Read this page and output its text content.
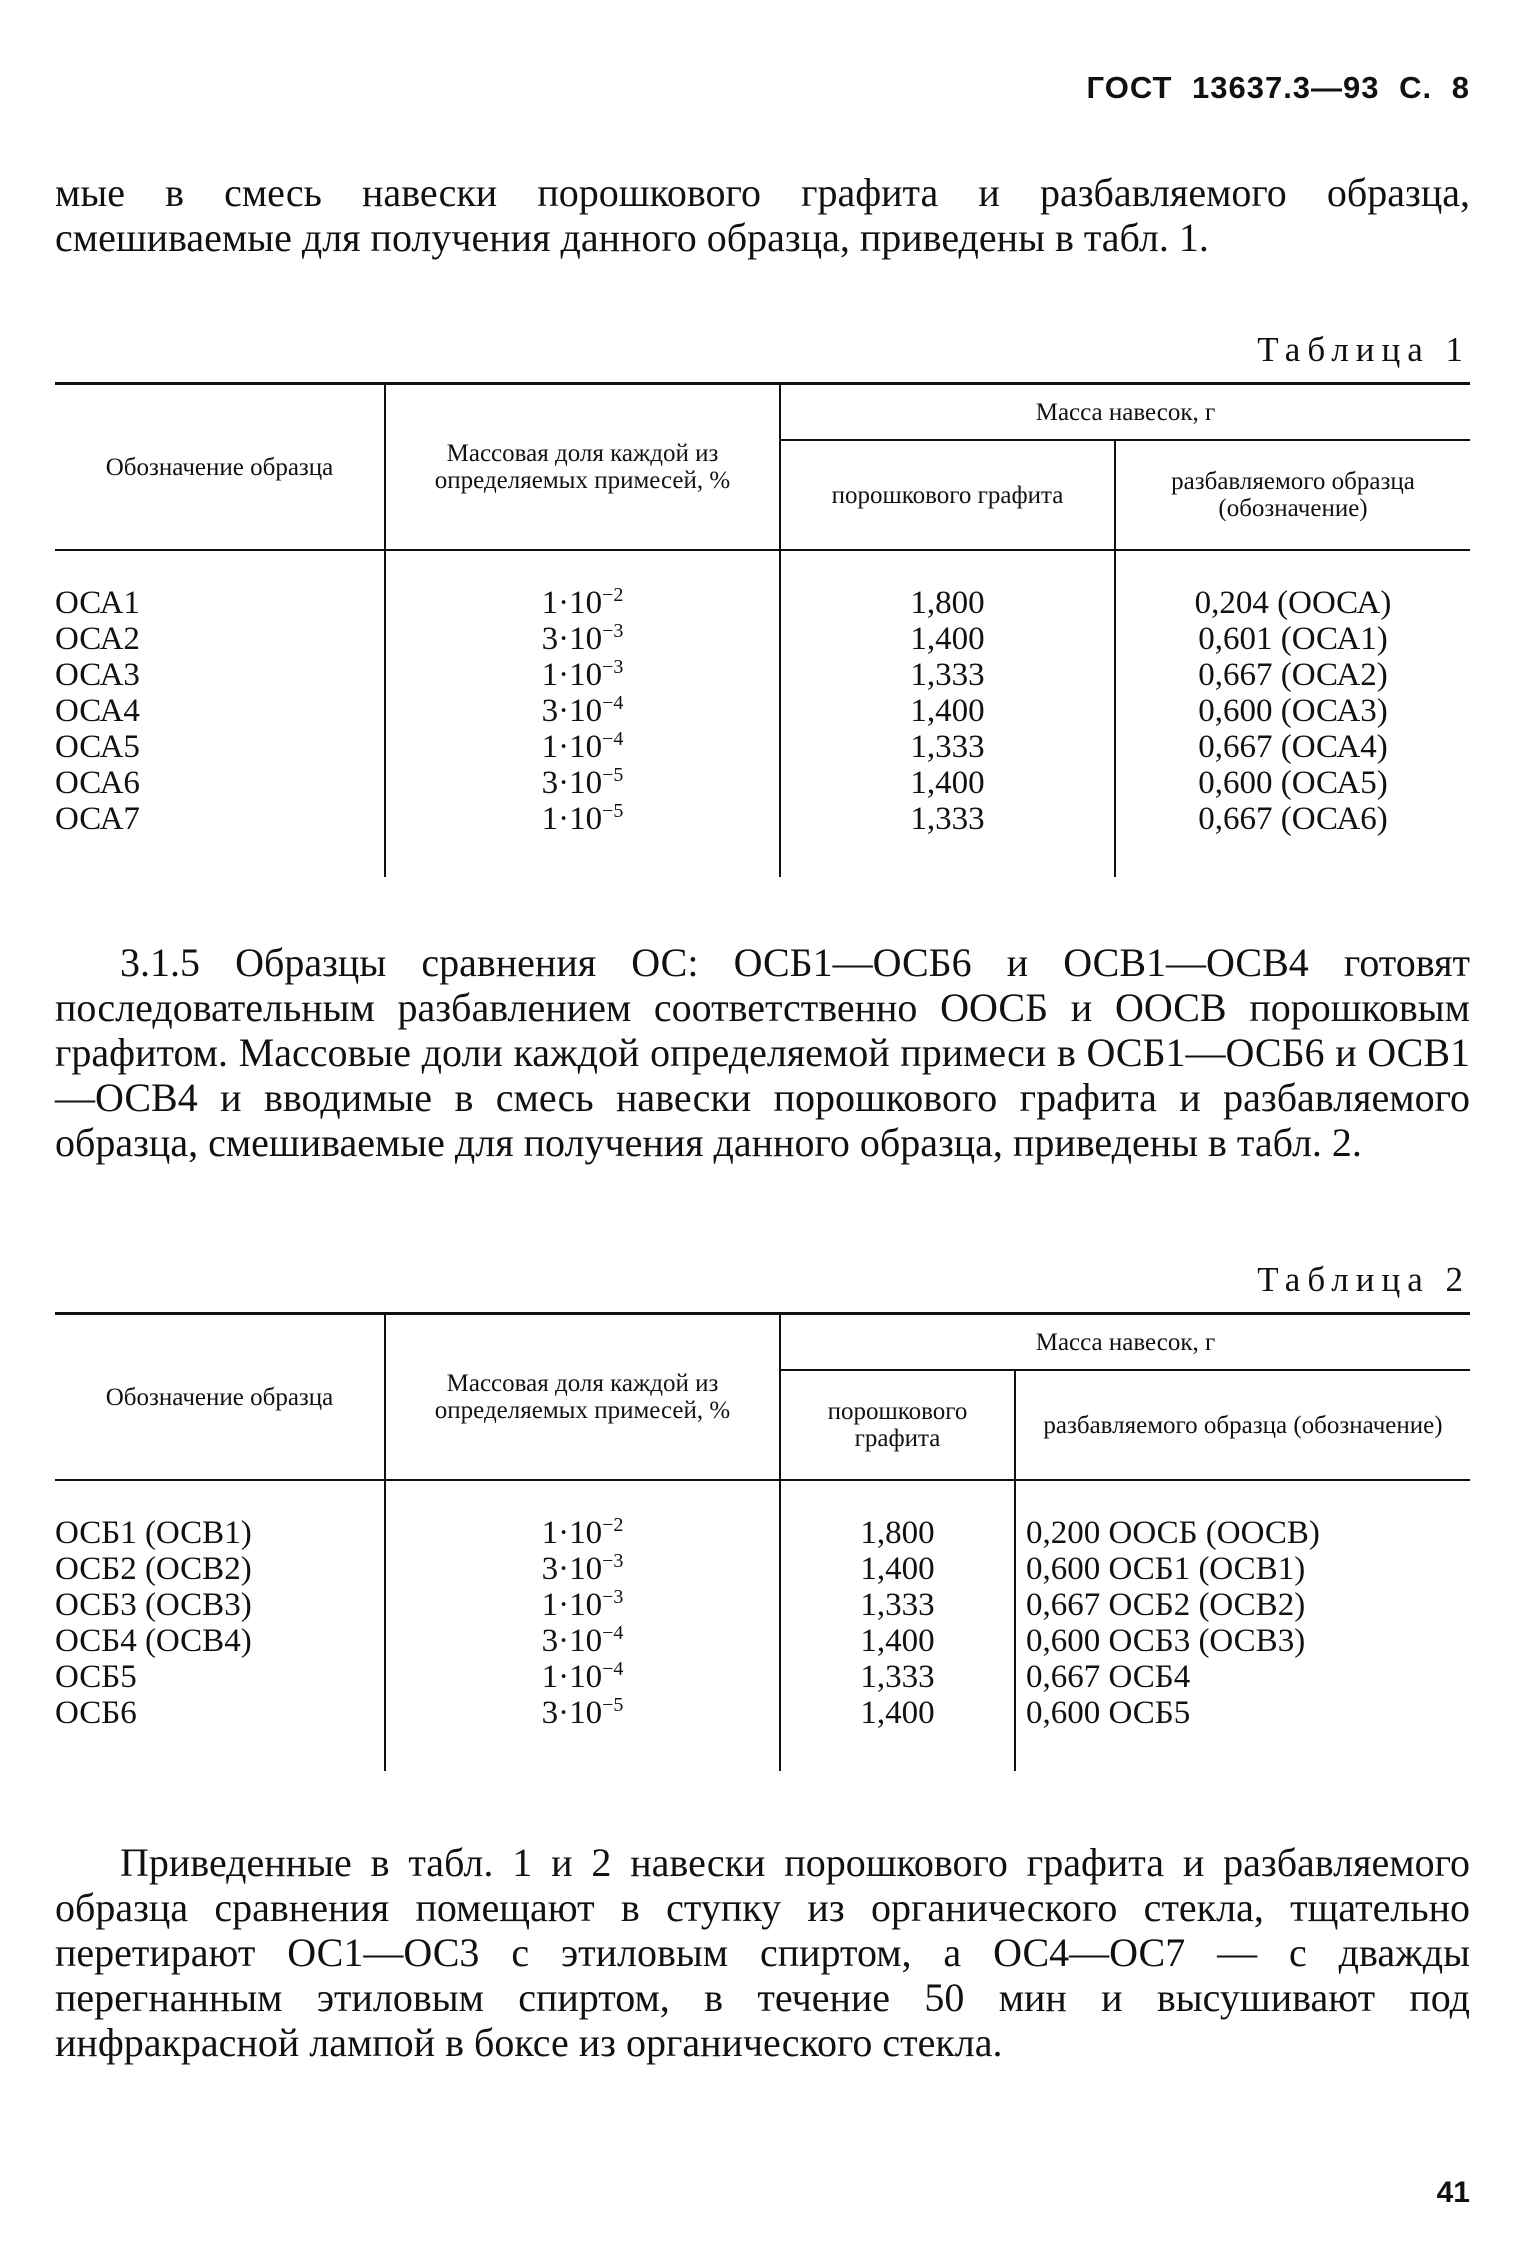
ГОСТ 13637.3—93 С. 8
мые в смесь навески порошкового графита и разбавляемого образца, смешиваемые для получения данного образца, приведены в табл. 1.
Таблица 1
Обозначение образца	Массовая доля каждой из определяемых примесей, %	Масса навесок, г	
		порошкового графита	разбавляемого образца (обозначение)

ОСА1	$1\cdot 10^{-2}$	1,800	0,204 (ООСА)
ОСА2	$3\cdot 10^{-3}$	1,400	0,601 (ОСА1)
ОСА3	$1\cdot 10^{-3}$	1,333	0,667 (ОСА2)
ОСА4	$3\cdot 10^{-4}$	1,400	0,600 (ОСА3)
ОСА5	$1\cdot 10^{-4}$	1,333	0,667 (ОСА4)
ОСА6	$3\cdot 10^{-5}$	1,400	0,600 (ОСА5)
ОСА7	$1\cdot 10^{-5}$	1,333	0,667 (ОСА6)

3.1.5 Образцы сравнения ОС: ОСБ1—ОСБ6 и ОСВ1—ОСВ4 готовят последовательным разбавлением соответственно ООСБ и ООСВ порошковым графитом. Массовые доли каждой определяемой примеси в ОСБ1—ОСБ6 и ОСВ1—ОСВ4 и вводимые в смесь навески порошкового графита и разбавляемого образца, смешиваемые для получения данного образца, приведены в табл. 2.
Таблица 2
Обозначение образца	Массовая доля каждой из определяемых примесей, %	Масса навесок, г	
		порошкового графита	разбавляемого образца (обозначение)

ОСБ1 (ОСВ1)	$1\cdot 10^{-2}$	1,800	0,200 ООСБ (ООСВ)
ОСБ2 (ОСВ2)	$3\cdot 10^{-3}$	1,400	0,600 ОСБ1 (ОСВ1)
ОСБ3 (ОСВ3)	$1\cdot 10^{-3}$	1,333	0,667 ОСБ2 (ОСВ2)
ОСБ4 (ОСВ4)	$3\cdot 10^{-4}$	1,400	0,600 ОСБ3 (ОСВ3)
ОСБ5	$1\cdot 10^{-4}$	1,333	0,667 ОСБ4
ОСБ6	$3\cdot 10^{-5}$	1,400	0,600 ОСБ5

Приведенные в табл. 1 и 2 навески порошкового графита и разбавляемого образца сравнения помещают в ступку из органического стекла, тщательно перетирают ОС1—ОС3 с этиловым спиртом, а ОС4—ОС7 — с дважды перегнанным этиловым спиртом, в течение 50 мин и высушивают под инфракрасной лампой в боксе из органического стекла.
41
